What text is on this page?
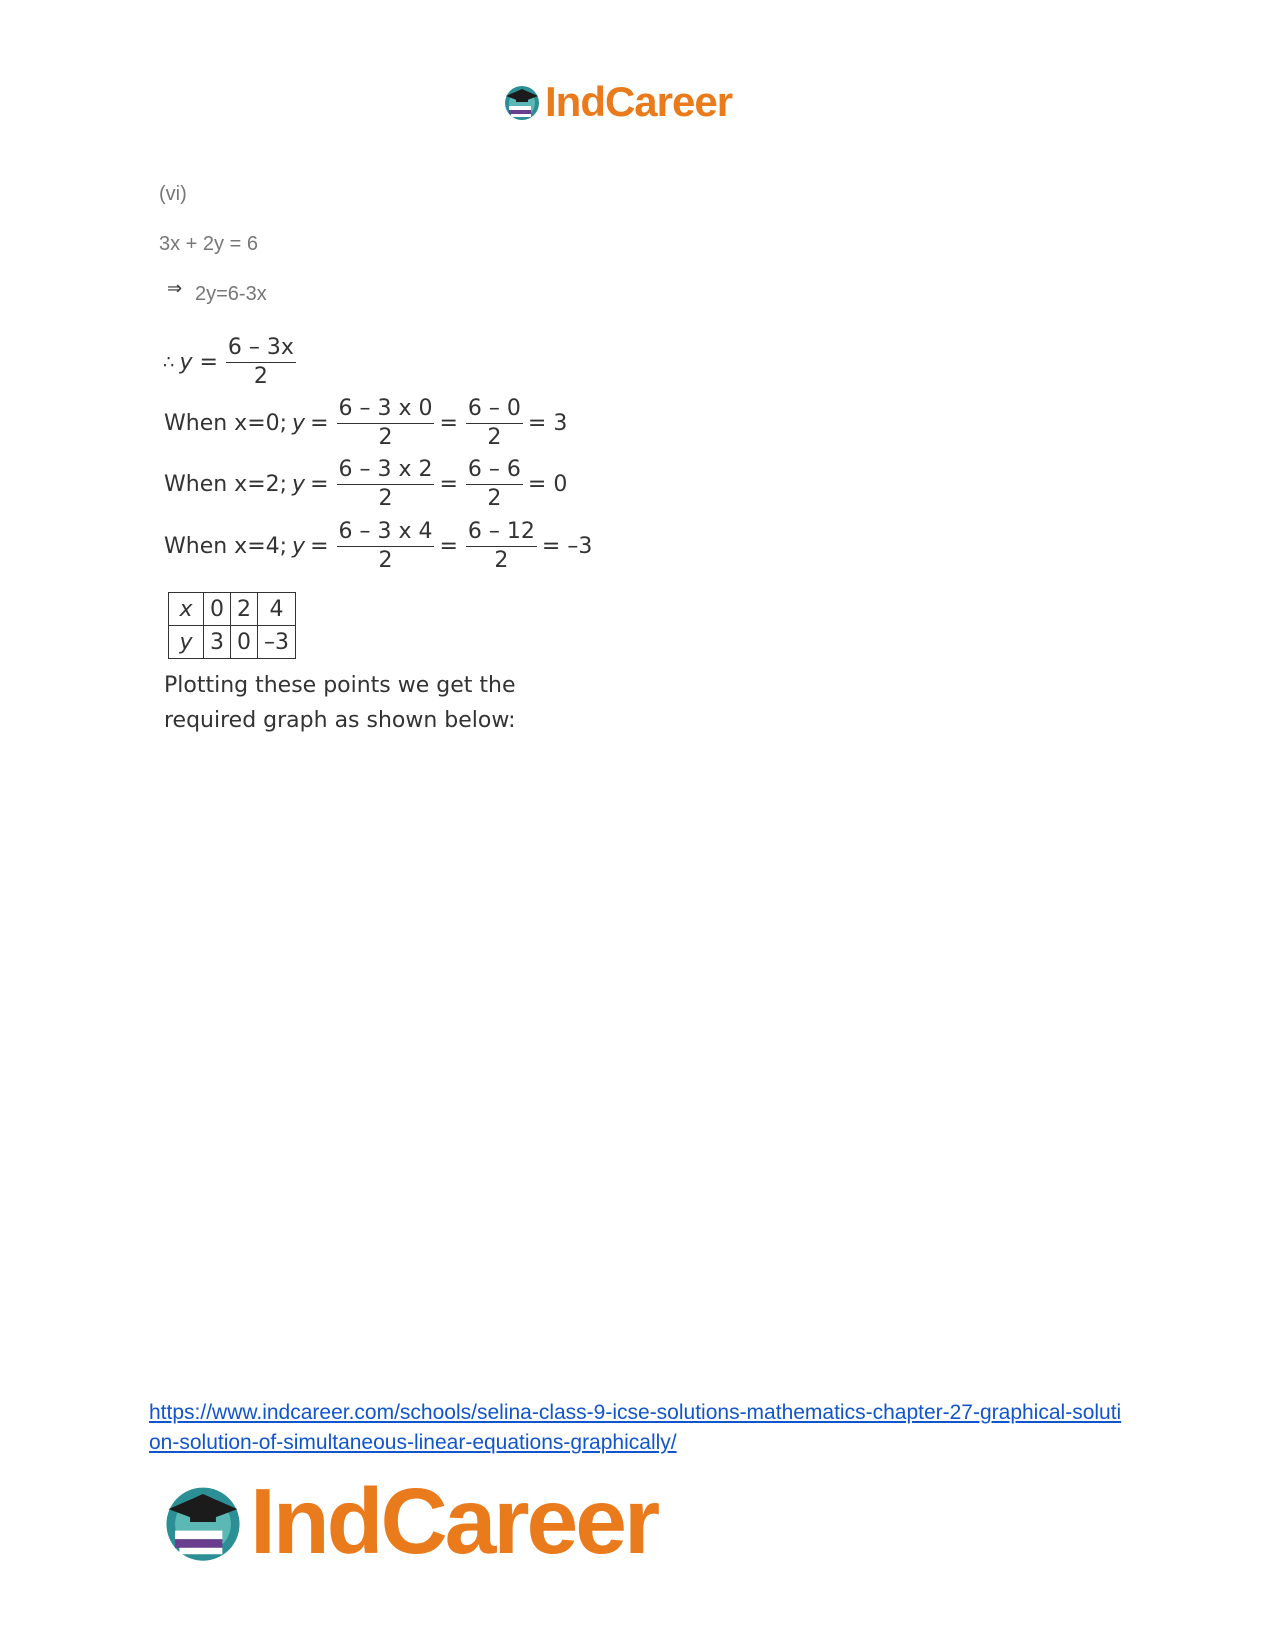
IndCareer
(vi)
3x + 2y = 6
⇒ 2y=6-3x
∴ $y = \frac{6 - 3x}{2}$
When x=0; $y = \frac{6 - 3 x 0}{2} = \frac{6 - 0}{2} = 3$
When x=2; $y = \frac{6 - 3 x 2}{2} = \frac{6 - 6}{2} = 0$
When x=4; $y = \frac{6 - 3 x 4}{2} = \frac{6 - 12}{2} = -3$
x	0	2	4
y	3	0	–3
Plotting these points we get the
required graph as shown below:
https://www.indcareer.com/schools/selina-class-9-icse-solutions-mathematics-chapter-27-graphical-solution-solution-of-simultaneous-linear-equations-graphically/
IndCareer
